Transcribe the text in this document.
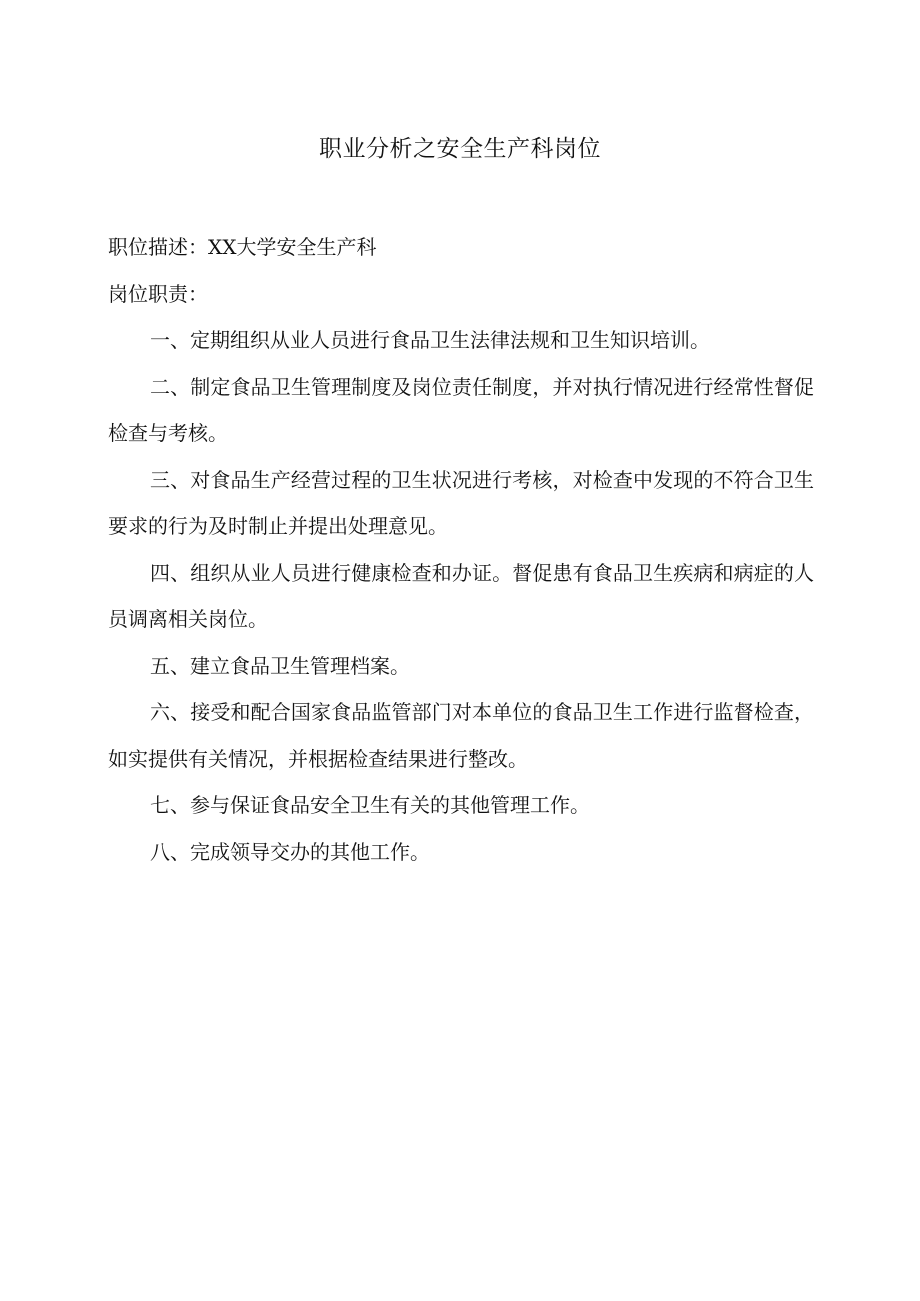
职业分析之安全生产科岗位

职位描述：XX大学安全生产科

岗位职责：

一、定期组织从业人员进行食品卫生法律法规和卫生知识培训。

二、制定食品卫生管理制度及岗位责任制度，并对执行情况进行经常性督促检查与考核。

三、对食品生产经营过程的卫生状况进行考核，对检查中发现的不符合卫生要求的行为及时制止并提出处理意见。

四、组织从业人员进行健康检查和办证。督促患有食品卫生疾病和病症的人员调离相关岗位。

五、建立食品卫生管理档案。

六、接受和配合国家食品监管部门对本单位的食品卫生工作进行监督检查，如实提供有关情况，并根据检查结果进行整改。

七、参与保证食品安全卫生有关的其他管理工作。

八、完成领导交办的其他工作。
